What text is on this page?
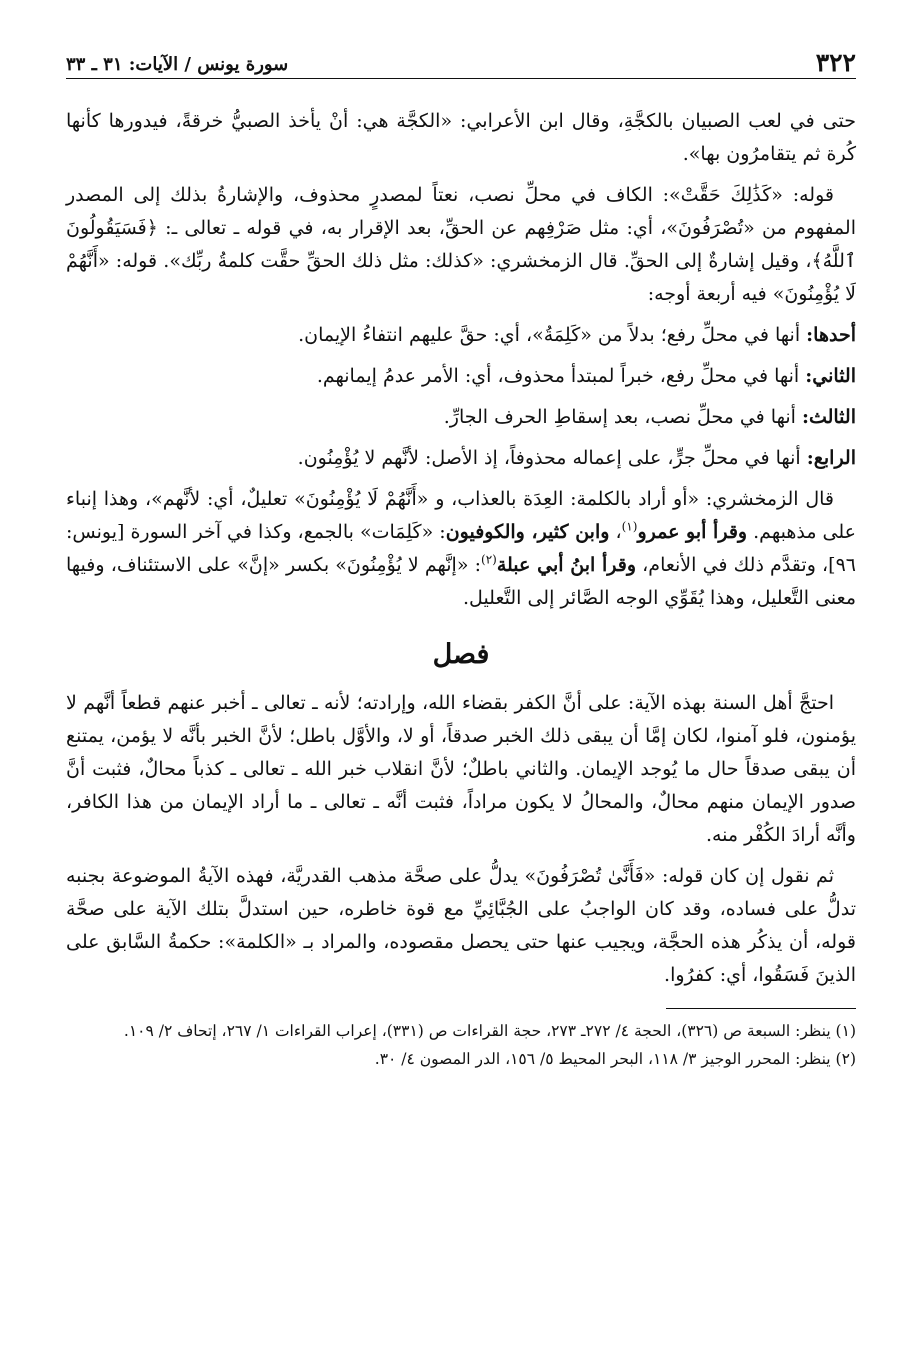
٣٢٢
سورة يونس / الآيات: ٣١ ـ ٣٣

حتى في لعب الصبيان بالكجَّةِ، وقال ابن الأعرابي: «الكجَّة هي: أنْ يأخذ الصبيُّ خرقةً، فيدورها كأنها كُرة ثم يتقامرُون بها».

قوله: «كَذَٰلِكَ حَقَّتْ»: الكاف في محلِّ نصب، نعتاً لمصدرٍ محذوف، والإشارةُ بذلك إلى المصدر المفهوم من «تُصْرَفُونَ»، أي: مثل صَرْفِهم عن الحقِّ، بعد الإقرار به، في قوله ـ تعالى ـ: ﴿فَسَيَقُولُونَ ٱللَّهُ﴾، وقيل إشارةٌ إلى الحقِّ. قال الزمخشري: «كذلك: مثل ذلك الحقِّ حقَّت كلمةُ ربِّك». قوله: «أَنَّهُمْ لَا يُؤْمِنُونَ» فيه أربعة أوجه:

أحدها: أنها في محلِّ رفع؛ بدلاً من «كَلِمَةُ»، أي: حقَّ عليهم انتفاءُ الإيمان.

الثاني: أنها في محلِّ رفع، خبراً لمبتدأ محذوف، أي: الأمر عدمُ إيمانهم.

الثالث: أنها في محلِّ نصب، بعد إسقاطِ الحرف الجارِّ.

الرابع: أنها في محلِّ جرٍّ، على إعماله محذوفاً، إذ الأصل: لأنَّهم لا يُؤْمِنُون.

قال الزمخشري: «أو أراد بالكلمة: العِدَة بالعذاب، و «أَنَّهُمْ لَا يُؤْمِنُونَ» تعليلٌ، أي: لأنَّهم»، وهذا إنباء على مذهبهم. وقرأ أبو عمرو$^{(١)}$، وابن كثير، والكوفيون: «كَلِمَات» بالجمع، وكذا في آخر السورة [يونس: ٩٦]، وتقدَّم ذلك في الأنعام، وقرأ ابنُ أبي عبلة$^{(٢)}$: «إنَّهم لا يُؤْمِنُونَ» بكسر «إنَّ» على الاستئناف، وفيها معنى التَّعليل، وهذا يُقَوِّي الوجه الصَّائر إلى التَّعليل.

فصل

احتجَّ أهل السنة بهذه الآية: على أنَّ الكفر بقضاء الله، وإرادته؛ لأنه ـ تعالى ـ أخبر عنهم قطعاً أنَّهم لا يؤمنون، فلو آمنوا، لكان إمَّا أن يبقى ذلك الخبر صدقاً، أو لا، والأوَّل باطل؛ لأنَّ الخبر بأنَّه لا يؤمن، يمتنع أن يبقى صدقاً حال ما يُوجد الإيمان. والثاني باطلٌ؛ لأنَّ انقلاب خبر الله ـ تعالى ـ كذباً محالٌ، فثبت أنَّ صدور الإيمان منهم محالٌ، والمحالُ لا يكون مراداً، فثبت أنَّه ـ تعالى ـ ما أراد الإيمان من هذا الكافر، وأنَّه أرادَ الكُفْر منه.

ثم نقول إن كان قوله: «فَأَنَّىٰ تُصْرَفُونَ» يدلُّ على صحَّة مذهب القدريَّة، فهذه الآيةُ الموضوعة بجنبه تدلُّ على فساده، وقد كان الواجبُ على الجُبَّائِيِّ مع قوة خاطره، حين استدلَّ بتلك الآية على صحَّة قوله، أن يذكُر هذه الحجَّة، ويجيب عنها حتى يحصل مقصوده، والمراد بـ «الكلمة»: حكمةُ السَّابق على الذينَ فَسَقُوا، أي: كفرُوا.

(١) ينظر: السبعة ص (٣٢٦)، الحجة ٤/ ٢٧٢ـ ٢٧٣، حجة القراءات ص (٣٣١)، إعراب القراءات ١/ ٢٦٧، إتحاف ٢/ ١٠٩.

(٢) ينظر: المحرر الوجيز ٣/ ١١٨، البحر المحيط ٥/ ١٥٦، الدر المصون ٤/ ٣٠.
